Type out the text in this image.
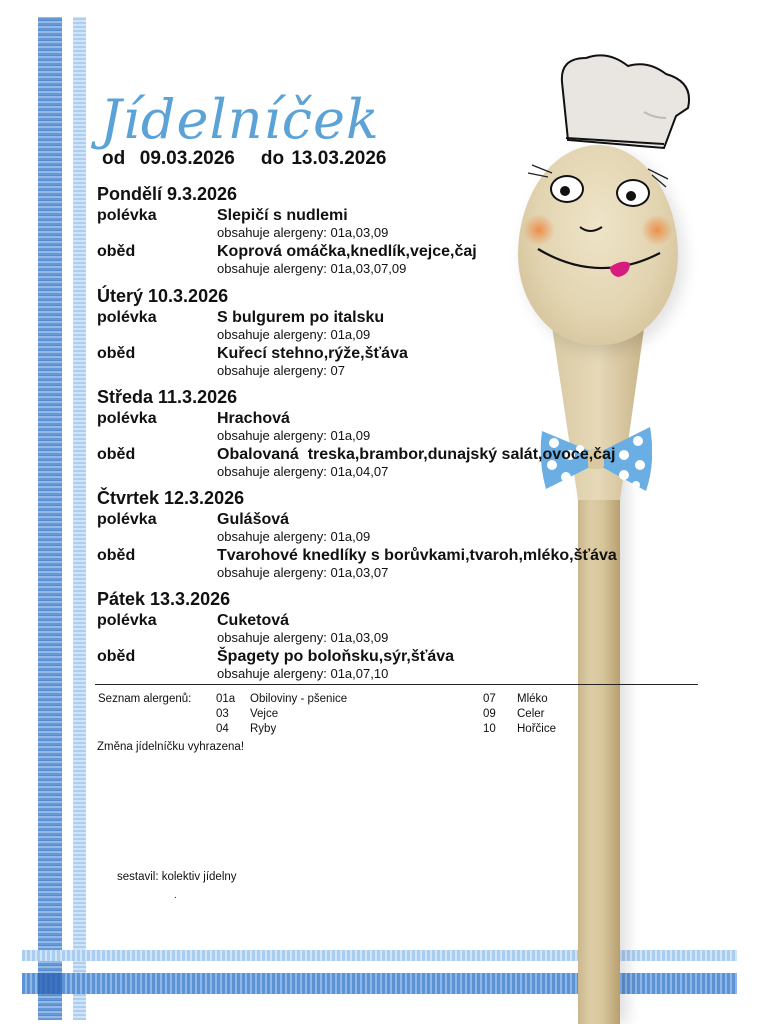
Jídelníček
od  09.03.2026 do 13.03.2026
Pondělí 9.3.2026
polévka	Slepičí s nudlemi
obsahuje alergeny: 01a,03,09
oběd	Koprová omáčka,knedlík,vejce,čaj
obsahuje alergeny: 01a,03,07,09
Úterý 10.3.2026
polévka	S bulgurem po italsku
obsahuje alergeny: 01a,09
oběd	Kuřecí stehno,rýže,šťáva
obsahuje alergeny: 07
Středa 11.3.2026
polévka	Hrachová
obsahuje alergeny: 01a,09
oběd	Obalovaná  treska,brambor,dunajský salát,ovoce,čaj
obsahuje alergeny: 01a,04,07
Čtvrtek 12.3.2026
polévka	Gulášová
obsahuje alergeny: 01a,09
oběd	Tvarohové knedlíky s borůvkami,tvaroh,mléko,šťáva
obsahuje alergeny: 01a,03,07
Pátek 13.3.2026
polévka	Cuketová
obsahuje alergeny: 01a,03,09
oběd	Špagety po boloňsku,sýr,šťáva
obsahuje alergeny: 01a,07,10
Seznam alergenů: 01a Obiloviny - pšenice
03 Vejce
04 Ryby
07 Mléko
09 Celer
10 Hořčice
Změna jídelníčku vyhrazena!
sestavil: kolektiv jídelny
.
